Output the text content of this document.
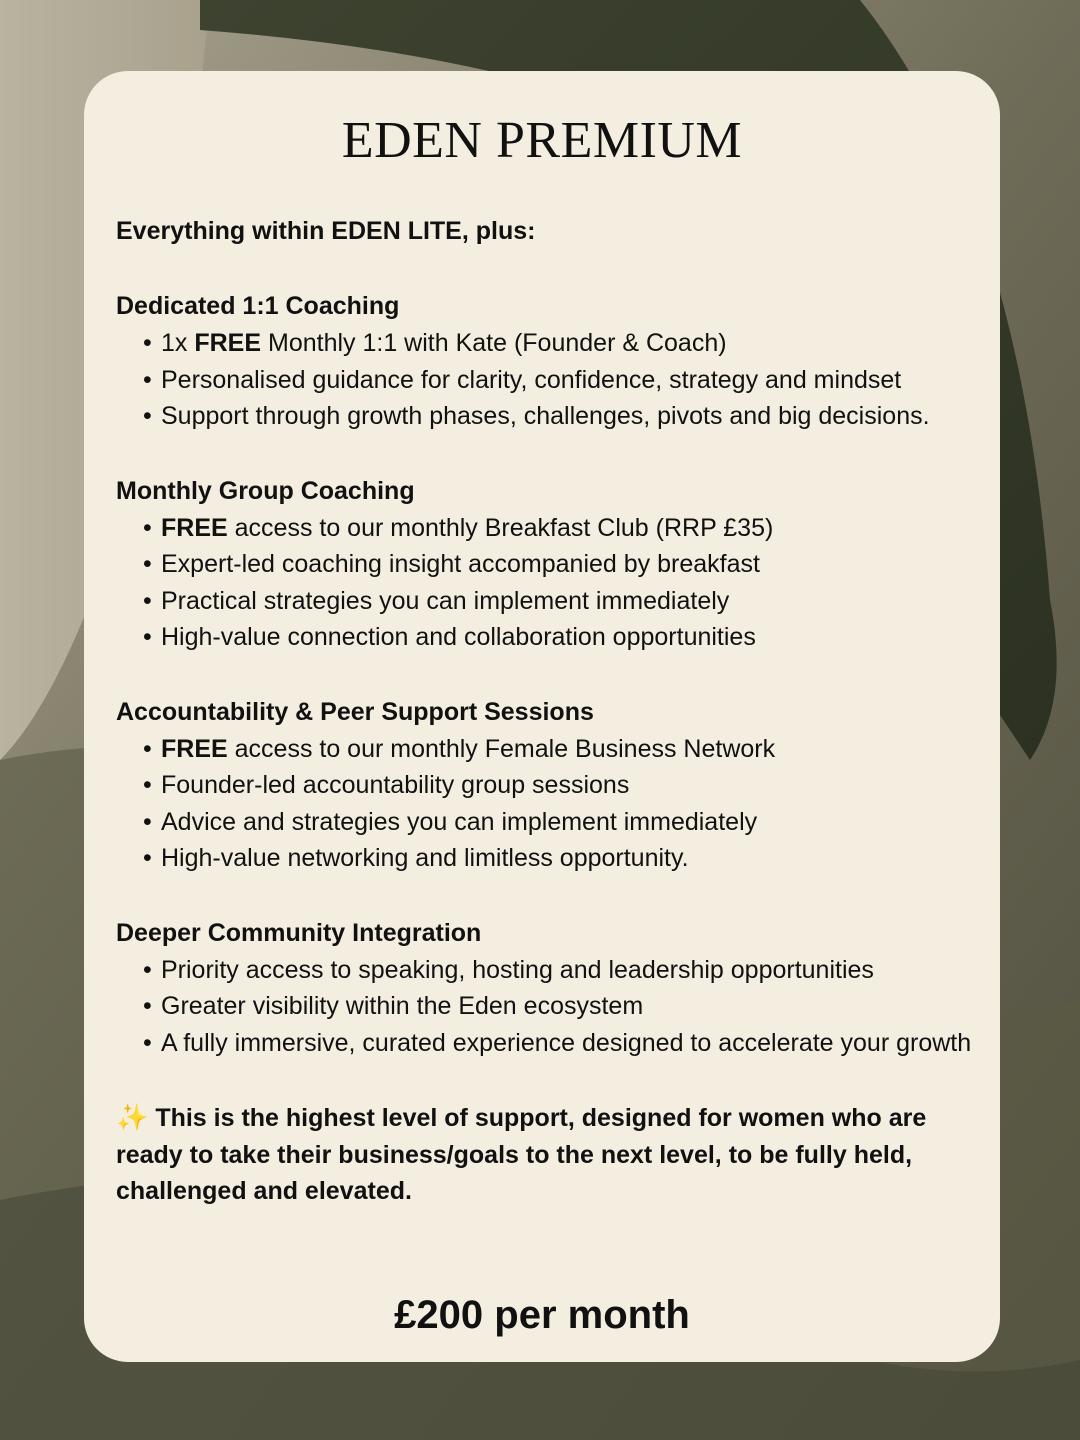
EDEN PREMIUM

Everything within EDEN LITE, plus:

Dedicated 1:1 Coaching

• 1x FREE Monthly 1:1 with Kate (Founder & Coach)
• Personalised guidance for clarity, confidence, strategy and mindset
• Support through growth phases, challenges, pivots and big decisions.

Monthly Group Coaching

• FREE access to our monthly Breakfast Club (RRP £35)
• Expert-led coaching insight accompanied by breakfast
• Practical strategies you can implement immediately
• High-value connection and collaboration opportunities

Accountability & Peer Support Sessions

• FREE access to our monthly Female Business Network
• Founder-led accountability group sessions
• Advice and strategies you can implement immediately
• High-value networking and limitless opportunity.

Deeper Community Integration

• Priority access to speaking, hosting and leadership opportunities
• Greater visibility within the Eden ecosystem
• A fully immersive, curated experience designed to accelerate your growth

✨ This is the highest level of support, designed for women who are ready to take their business/goals to the next level, to be fully held, challenged and elevated.

£200 per month
